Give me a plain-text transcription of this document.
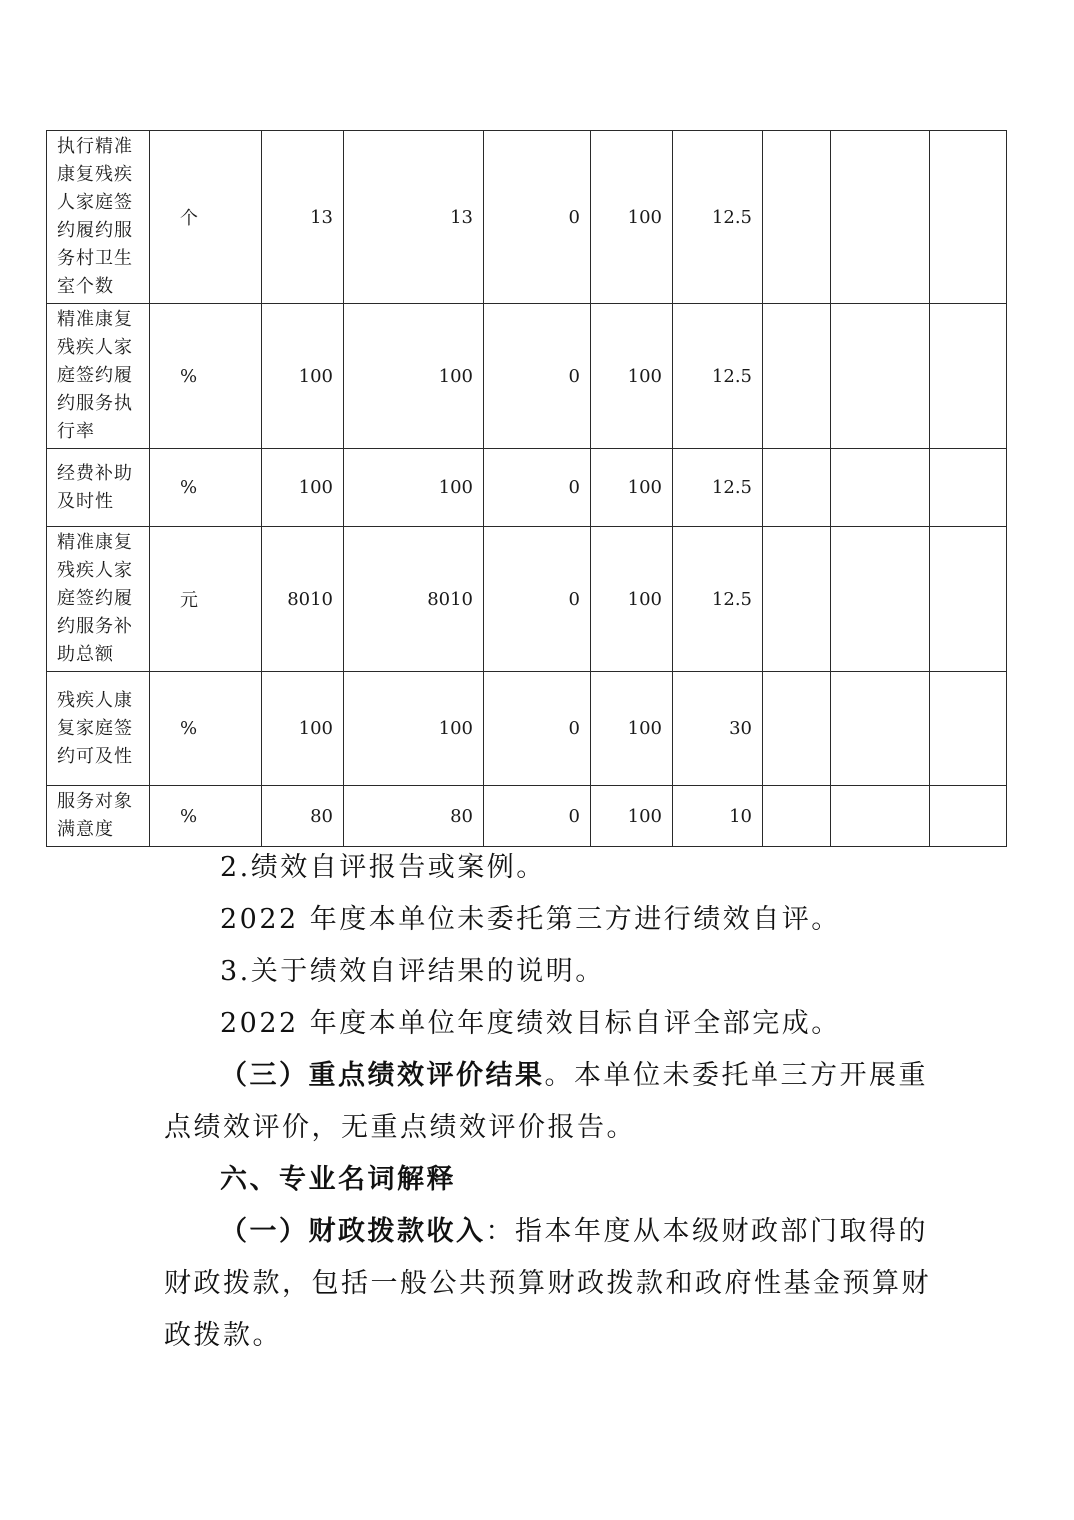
执行精准康复残疾人家庭签约履约服务村卫生室个数	个	13	13	0	100	12.5			
精准康复残疾人家庭签约履约服务执行率	%	100	100	0	100	12.5			
经费补助及时性	%	100	100	0	100	12.5			
精准康复残疾人家庭签约履约服务补助总额	元	8010	8010	0	100	12.5			
残疾人康复家庭签约可及性	%	100	100	0	100	30			
服务对象满意度	%	80	80	0	100	10			
2.绩效自评报告或案例。
2022 年度本单位未委托第三方进行绩效自评。
3.关于绩效自评结果的说明。
2022 年度本单位年度绩效目标自评全部完成。
（三）重点绩效评价结果。本单位未委托单三方开展重
点绩效评价，无重点绩效评价报告。
六、专业名词解释
（一）财政拨款收入：指本年度从本级财政部门取得的
财政拨款，包括一般公共预算财政拨款和政府性基金预算财
政拨款。
